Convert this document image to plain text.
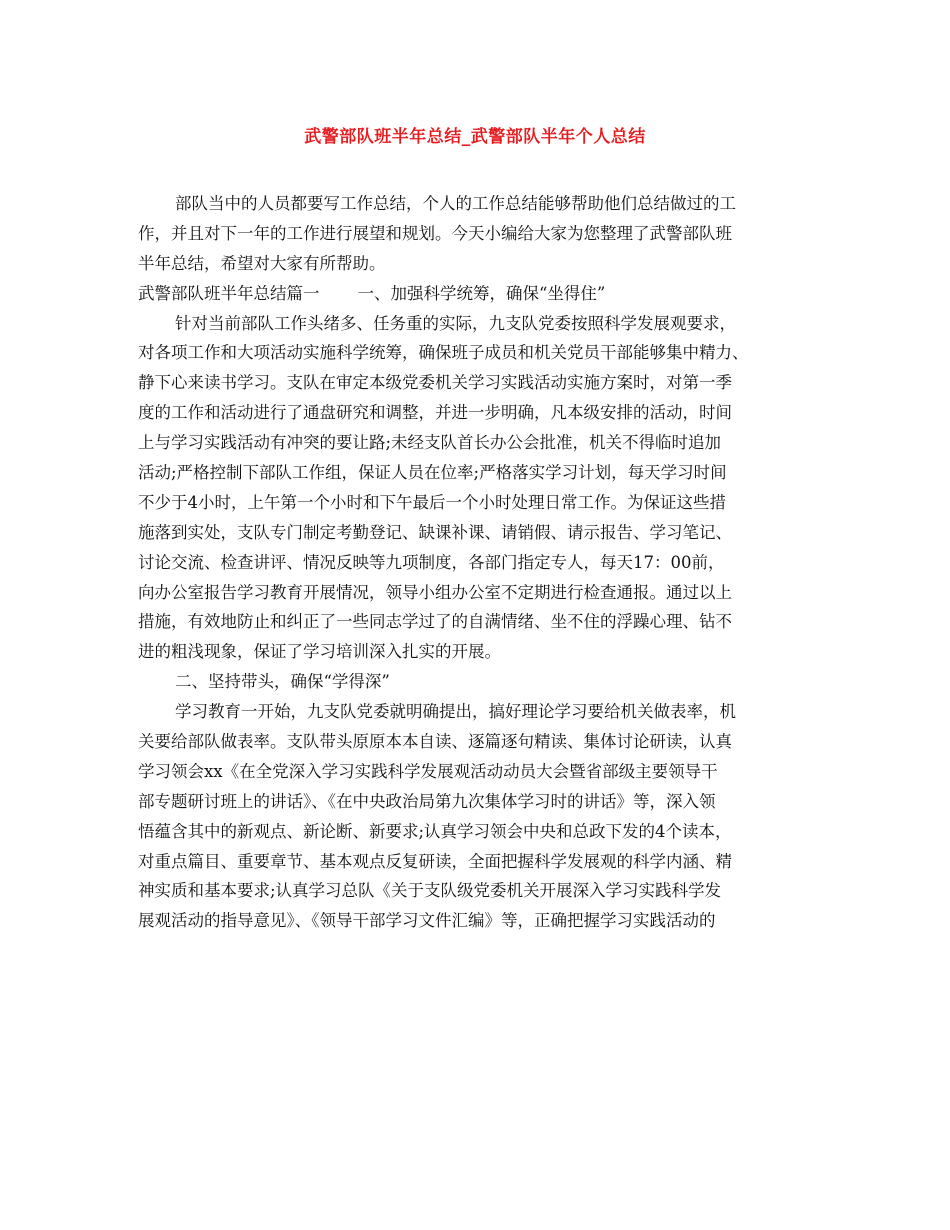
武警部队班半年总结_武警部队半年个人总结
部队当中的人员都要写工作总结，个人的工作总结能够帮助他们总结做过的工
作，并且对下一年的工作进行展望和规划。今天小编给大家为您整理了武警部队班
半年总结，希望对大家有所帮助。
武警部队班半年总结篇一 一、加强科学统筹，确保“坐得住”
针对当前部队工作头绪多、任务重的实际，九支队党委按照科学发展观要求，
对各项工作和大项活动实施科学统筹，确保班子成员和机关党员干部能够集中精力、
静下心来读书学习。支队在审定本级党委机关学习实践活动实施方案时，对第一季
度的工作和活动进行了通盘研究和调整，并进一步明确，凡本级安排的活动，时间
上与学习实践活动有冲突的要让路;未经支队首长办公会批准，机关不得临时追加
活动;严格控制下部队工作组，保证人员在位率;严格落实学习计划，每天学习时间
不少于4小时，上午第一个小时和下午最后一个小时处理日常工作。为保证这些措
施落到实处，支队专门制定考勤登记、缺课补课、请销假、请示报告、学习笔记、
讨论交流、检查讲评、情况反映等九项制度，各部门指定专人，每天17：00前，
向办公室报告学习教育开展情况，领导小组办公室不定期进行检查通报。通过以上
措施，有效地防止和纠正了一些同志学过了的自满情绪、坐不住的浮躁心理、钻不
进的粗浅现象，保证了学习培训深入扎实的开展。
二、坚持带头，确保“学得深”
学习教育一开始，九支队党委就明确提出，搞好理论学习要给机关做表率，机
关要给部队做表率。支队带头原原本本自读、逐篇逐句精读、集体讨论研读，认真
学习领会xx《在全党深入学习实践科学发展观活动动员大会暨省部级主要领导干
部专题研讨班上的讲话》、《在中央政治局第九次集体学习时的讲话》等，深入领
悟蕴含其中的新观点、新论断、新要求;认真学习领会中央和总政下发的4个读本，
对重点篇目、重要章节、基本观点反复研读，全面把握科学发展观的科学内涵、精
神实质和基本要求;认真学习总队《关于支队级党委机关开展深入学习实践科学发
展观活动的指导意见》、《领导干部学习文件汇编》等，正确把握学习实践活动的
